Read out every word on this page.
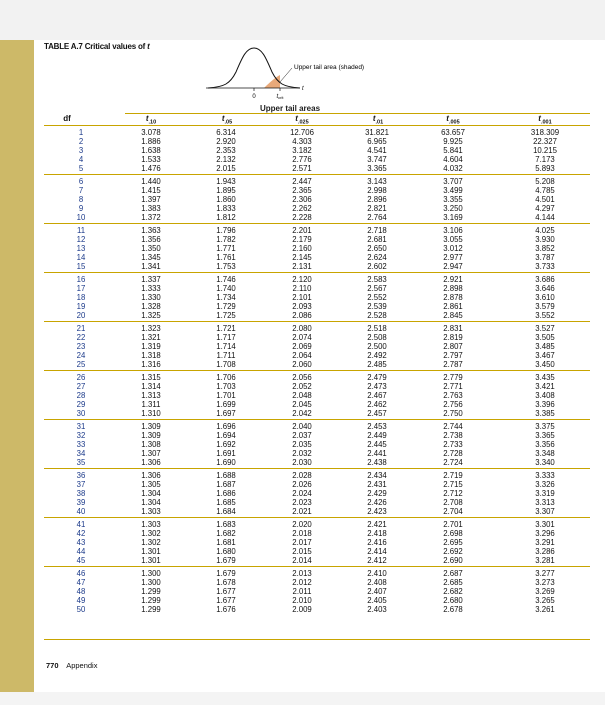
TABLE A.7 Critical values of t
0	tcrit
t
Upper tail area (shaded)
Upper tail areas
df	$t_{.10}$	$t_{.05}$	$t_{.025}$	$t_{.01}$	$t_{.005}$	$t_{.001}$
1	3.078	6.314	12.706	31.821	63.657	318.309
2	1.886	2.920	4.303	6.965	9.925	22.327
3	1.638	2.353	3.182	4.541	5.841	10.215
4	1.533	2.132	2.776	3.747	4.604	7.173
5	1.476	2.015	2.571	3.365	4.032	5.893
6	1.440	1.943	2.447	3.143	3.707	5.208
7	1.415	1.895	2.365	2.998	3.499	4.785
8	1.397	1.860	2.306	2.896	3.355	4.501
9	1.383	1.833	2.262	2.821	3.250	4.297
10	1.372	1.812	2.228	2.764	3.169	4.144
11	1.363	1.796	2.201	2.718	3.106	4.025
12	1.356	1.782	2.179	2.681	3.055	3.930
13	1.350	1.771	2.160	2.650	3.012	3.852
14	1.345	1.761	2.145	2.624	2.977	3.787
15	1.341	1.753	2.131	2.602	2.947	3.733
16	1.337	1.746	2.120	2.583	2.921	3.686
17	1.333	1.740	2.110	2.567	2.898	3.646
18	1.330	1.734	2.101	2.552	2.878	3.610
19	1.328	1.729	2.093	2.539	2.861	3.579
20	1.325	1.725	2.086	2.528	2.845	3.552
21	1.323	1.721	2.080	2.518	2.831	3.527
22	1.321	1.717	2.074	2.508	2.819	3.505
23	1.319	1.714	2.069	2.500	2.807	3.485
24	1.318	1.711	2.064	2.492	2.797	3.467
25	1.316	1.708	2.060	2.485	2.787	3.450
26	1.315	1.706	2.056	2.479	2.779	3.435
27	1.314	1.703	2.052	2.473	2.771	3.421
28	1.313	1.701	2.048	2.467	2.763	3.408
29	1.311	1.699	2.045	2.462	2.756	3.396
30	1.310	1.697	2.042	2.457	2.750	3.385
31	1.309	1.696	2.040	2.453	2.744	3.375
32	1.309	1.694	2.037	2.449	2.738	3.365
33	1.308	1.692	2.035	2.445	2.733	3.356
34	1.307	1.691	2.032	2.441	2.728	3.348
35	1.306	1.690	2.030	2.438	2.724	3.340
36	1.306	1.688	2.028	2.434	2.719	3.333
37	1.305	1.687	2.026	2.431	2.715	3.326
38	1.304	1.686	2.024	2.429	2.712	3.319
39	1.304	1.685	2.023	2.426	2.708	3.313
40	1.303	1.684	2.021	2.423	2.704	3.307
41	1.303	1.683	2.020	2.421	2.701	3.301
42	1.302	1.682	2.018	2.418	2.698	3.296
43	1.302	1.681	2.017	2.416	2.695	3.291
44	1.301	1.680	2.015	2.414	2.692	3.286
45	1.301	1.679	2.014	2.412	2.690	3.281
46	1.300	1.679	2.013	2.410	2.687	3.277
47	1.300	1.678	2.012	2.408	2.685	3.273
48	1.299	1.677	2.011	2.407	2.682	3.269
49	1.299	1.677	2.010	2.405	2.680	3.265
50	1.299	1.676	2.009	2.403	2.678	3.261
770 Appendix
